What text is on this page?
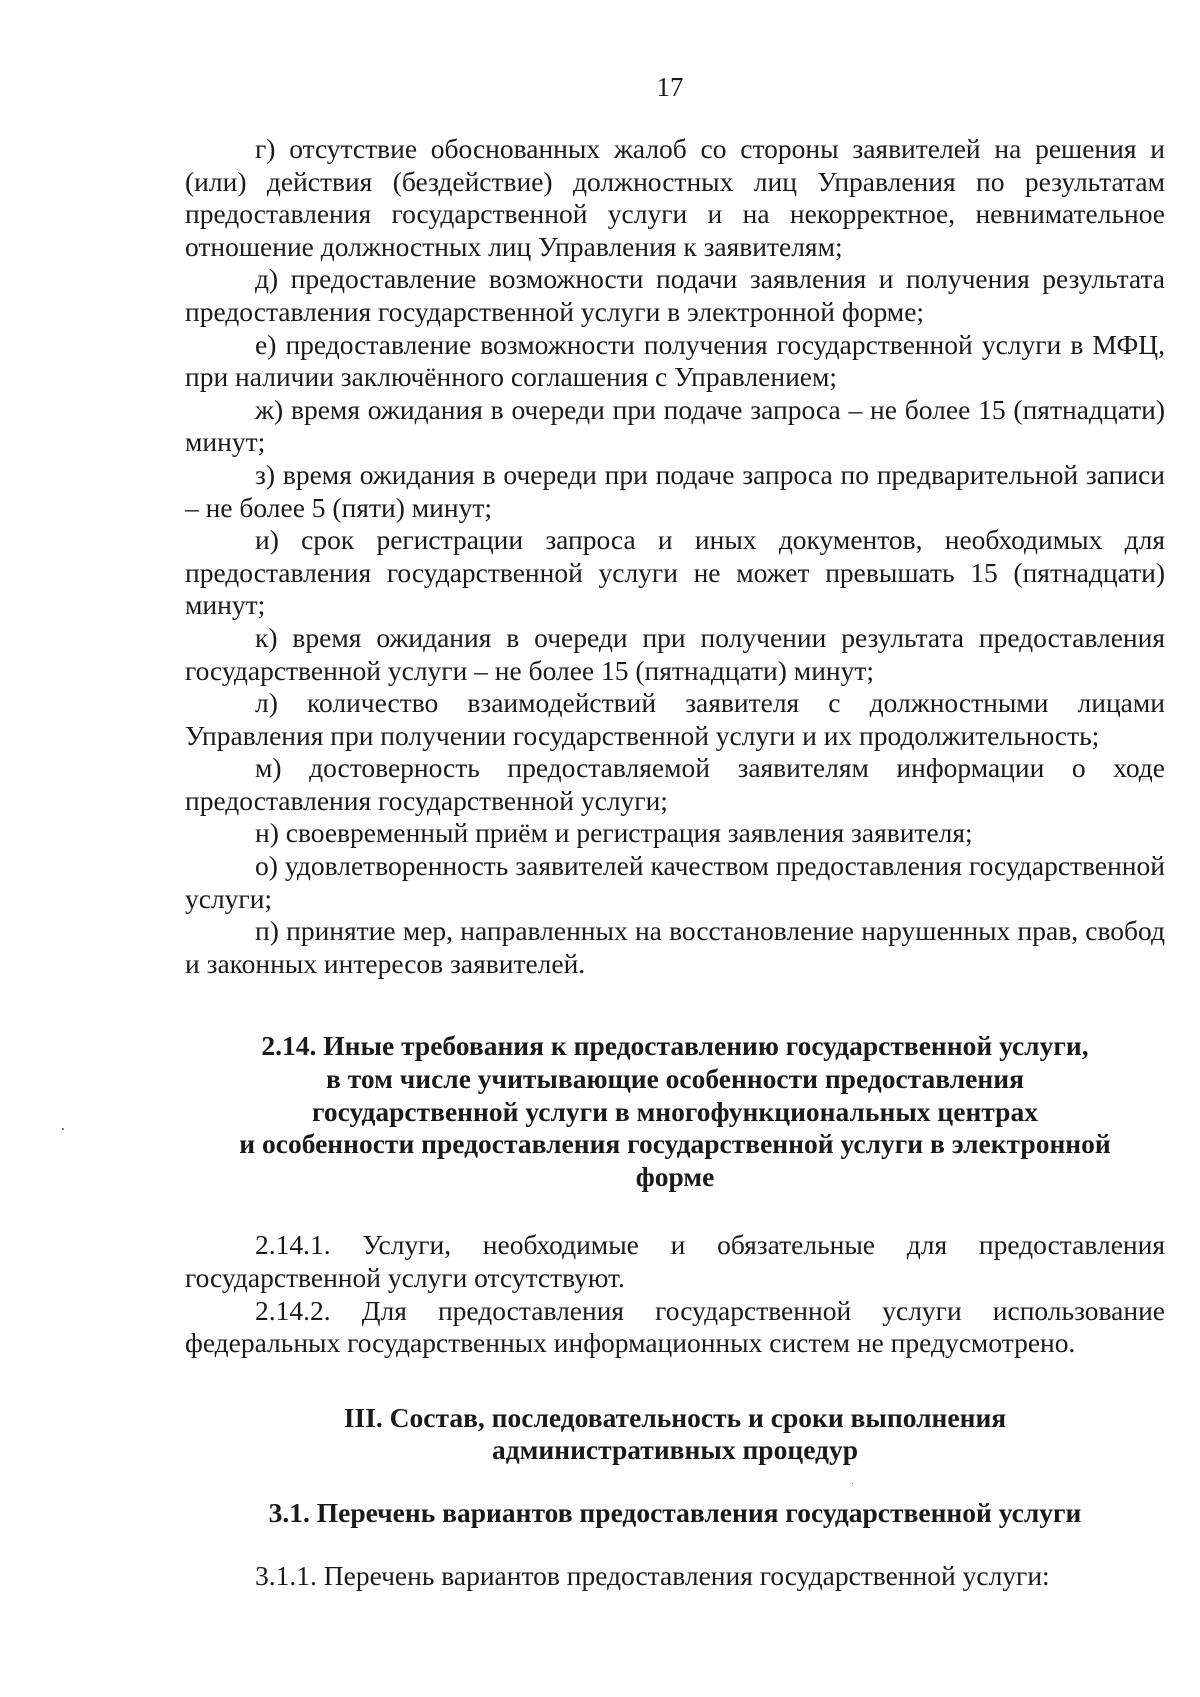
17

г) отсутствие обоснованных жалоб со стороны заявителей на решения и (или) действия (бездействие) должностных лиц Управления по результатам предоставления государственной услуги и на некорректное, невнимательное отношение должностных лиц Управления к заявителям;

д) предоставление возможности подачи заявления и получения результата предоставления государственной услуги в электронной форме;

е) предоставление возможности получения государственной услуги в МФЦ, при наличии заключённого соглашения с Управлением;

ж) время ожидания в очереди при подаче запроса – не более 15 (пятнадцати) минут;

з) время ожидания в очереди при подаче запроса по предварительной записи – не более 5 (пяти) минут;

и) срок регистрации запроса и иных документов, необходимых для предоставления государственной услуги не может превышать 15 (пятнадцати) минут;

к) время ожидания в очереди при получении результата предоставления государственной услуги – не более 15 (пятнадцати) минут;

л) количество взаимодействий заявителя с должностными лицами Управления при получении государственной услуги и их продолжительность;

м) достоверность предоставляемой заявителям информации о ходе предоставления государственной услуги;

н) своевременный приём и регистрация заявления заявителя;

о) удовлетворенность заявителей качеством предоставления государственной услуги;

п) принятие мер, направленных на восстановление нарушенных прав, свобод и законных интересов заявителей.

2.14. Иные требования к предоставлению государственной услуги,
в том числе учитывающие особенности предоставления
государственной услуги в многофункциональных центрах
и особенности предоставления государственной услуги в электронной
форме

2.14.1. Услуги, необходимые и обязательные для предоставления государственной услуги отсутствуют.

2.14.2. Для предоставления государственной услуги использование федеральных государственных информационных систем не предусмотрено.

III. Состав, последовательность и сроки выполнения
административных процедур
3.1. Перечень вариантов предоставления государственной услуги

3.1.1. Перечень вариантов предоставления государственной услуги:
